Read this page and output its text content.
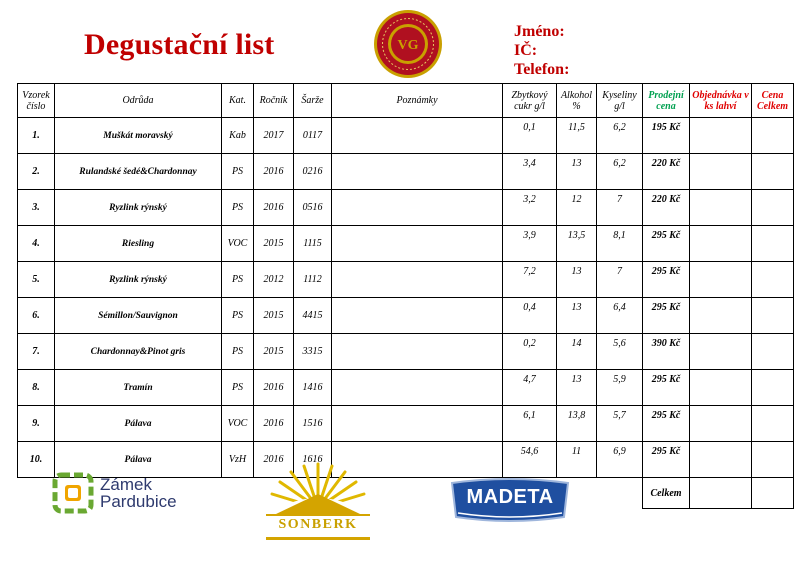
Degustační list	VG
Jméno:
IČ:
Telefon:
Vzorek číslo	Odrůda	Kat.	Ročník	Šarže	Poznámky	Zbytkový cukr g/l	Alkohol %	Kyseliny g/l	Prodejní cena	Objednávka v ks lahví	Cena Celkem
1.	Muškát moravský	Kab	2017	0117		0,1	11,5	6,2	195 Kč		
2.	Rulandské šedé&Chardonnay	PS	2016	0216		3,4	13	6,2	220 Kč		
3.	Ryzlink rýnský	PS	2016	0516		3,2	12	7	220 Kč		
4.	Riesling	VOC	2015	1115		3,9	13,5	8,1	295 Kč		
5.	Ryzlink rýnský	PS	2012	1112		7,2	13	7	295 Kč		
6.	Sémillon/Sauvignon	PS	2015	4415		0,4	13	6,4	295 Kč		
7.	Chardonnay&Pinot gris	PS	2015	3315		0,2	14	5,6	390 Kč		
8.	Tramín	PS	2016	1416		4,7	13	5,9	295 Kč		
9.	Pálava	VOC	2016	1516		6,1	13,8	5,7	295 Kč		
10.	Pálava	VzH	2016	1616		54,6	11	6,9	295 Kč		
									Celkem		
Zámek
Pardubice
SONBERK
MADETA
